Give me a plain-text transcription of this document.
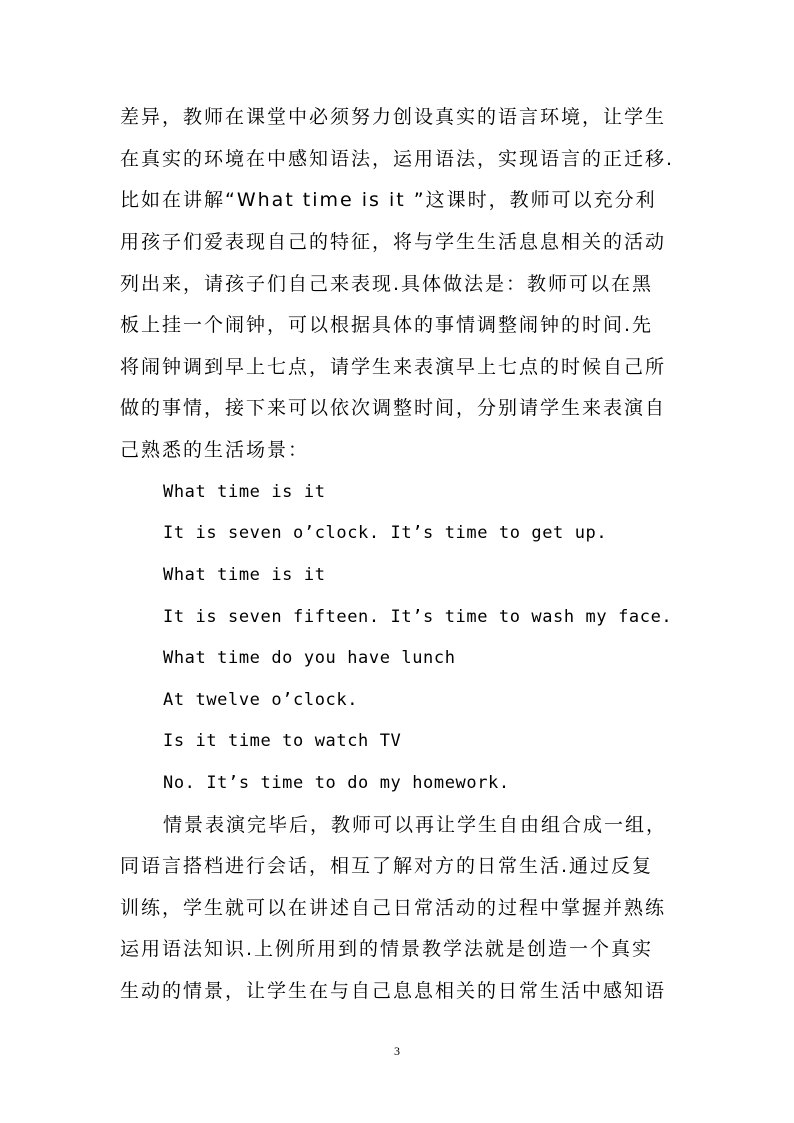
差异，教师在课堂中必须努力创设真实的语言环境，让学生
在真实的环境在中感知语法，运用语法，实现语言的正迁移.
比如在讲解“What time is it ”这课时，教师可以充分利
用孩子们爱表现自己的特征，将与学生生活息息相关的活动
列出来，请孩子们自己来表现.具体做法是：教师可以在黑
板上挂一个闹钟，可以根据具体的事情调整闹钟的时间.先
将闹钟调到早上七点，请学生来表演早上七点的时候自己所
做的事情，接下来可以依次调整时间，分别请学生来表演自
己熟悉的生活场景：
What time is it
It is seven o’clock. It’s time to get up.
What time is it
It is seven fifteen. It’s time to wash my face.
What time do you have lunch
At twelve o’clock.
Is it time to watch TV
No. It’s time to do my homework.
情景表演完毕后，教师可以再让学生自由组合成一组，
同语言搭档进行会话，相互了解对方的日常生活.通过反复
训练，学生就可以在讲述自己日常活动的过程中掌握并熟练
运用语法知识.上例所用到的情景教学法就是创造一个真实
生动的情景，让学生在与自己息息相关的日常生活中感知语
3
